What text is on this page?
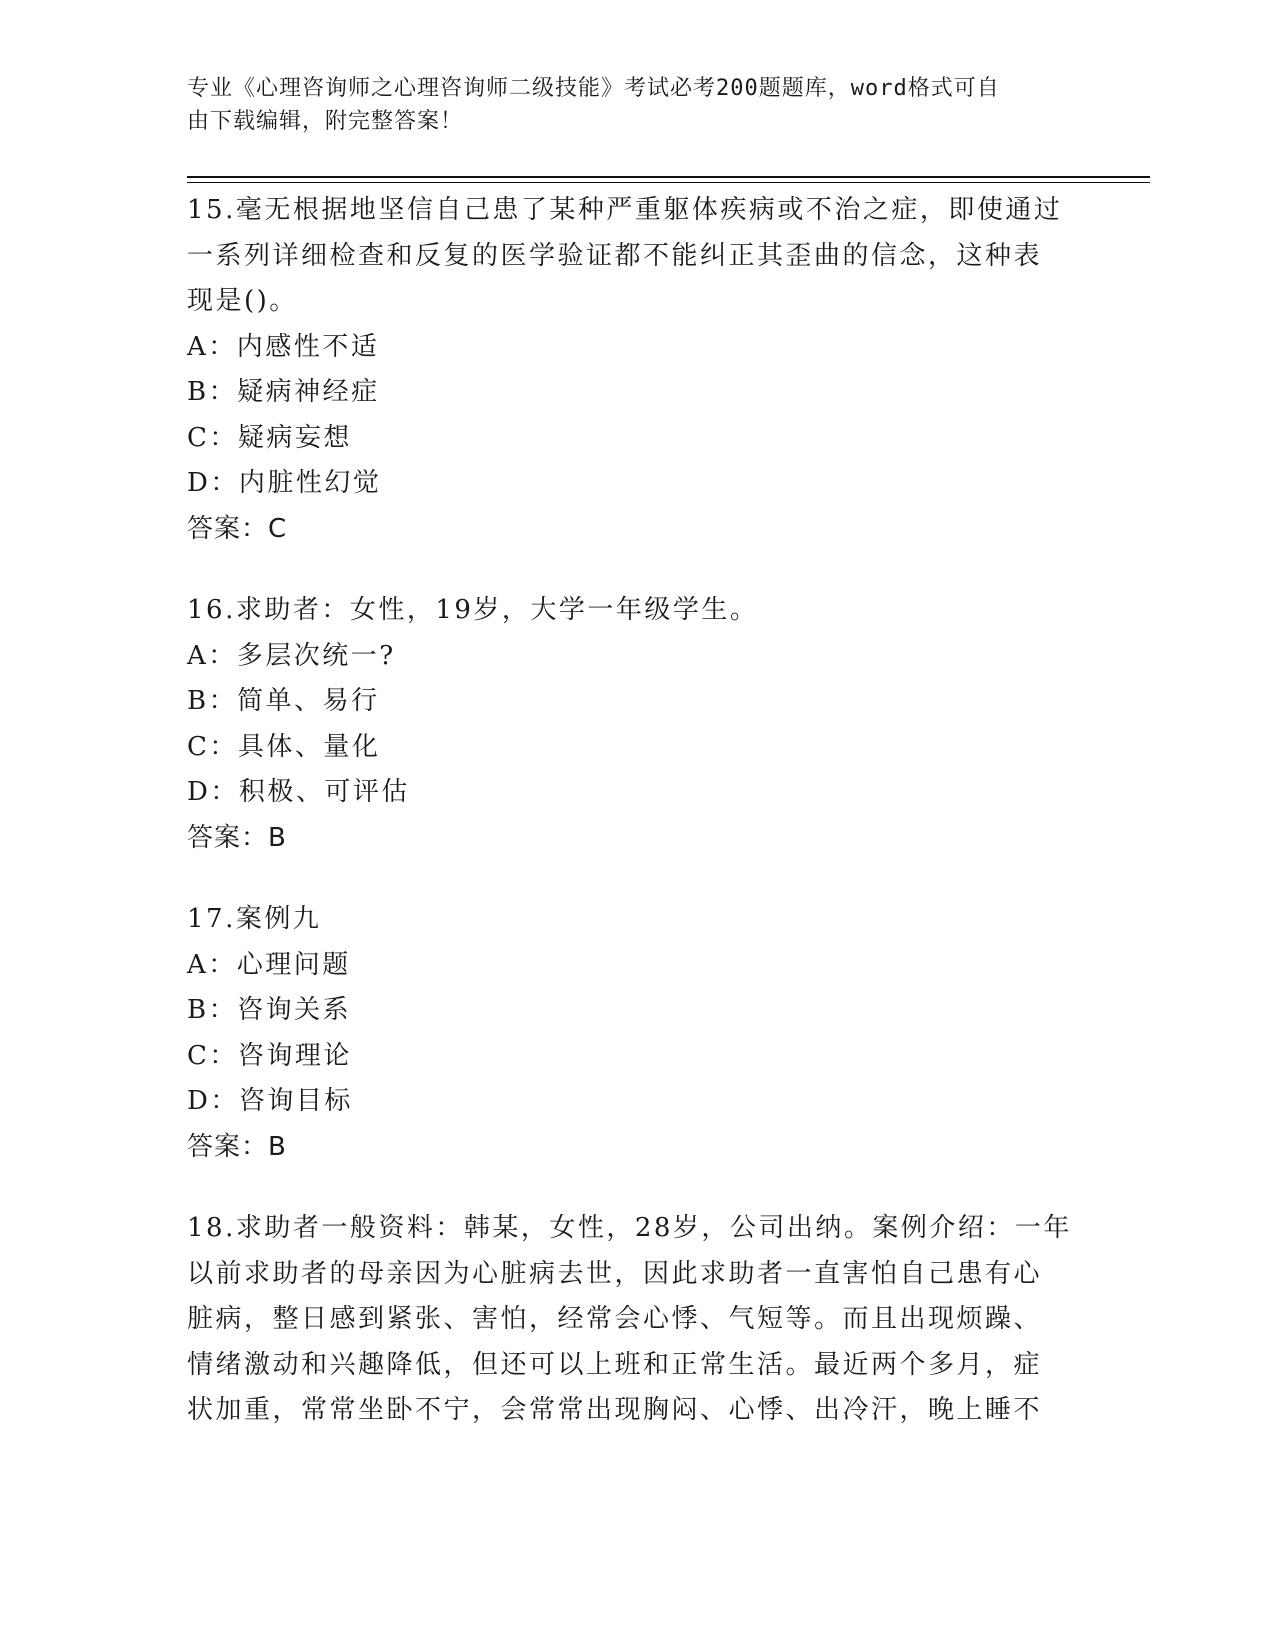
专业《心理咨询师之心理咨询师二级技能》考试必考200题题库，word格式可自
由下载编辑，附完整答案！
15.毫无根据地坚信自己患了某种严重躯体疾病或不治之症，即使通过
一系列详细检查和反复的医学验证都不能纠正其歪曲的信念，这种表
现是()。
A：内感性不适
B：疑病神经症
C：疑病妄想
D：内脏性幻觉
答案：C
16.求助者：女性，19岁，大学一年级学生。
A：多层次统一?
B：简单、易行
C：具体、量化
D：积极、可评估
答案：B
17.案例九
A：心理问题
B：咨询关系
C：咨询理论
D：咨询目标
答案：B
18.求助者一般资料：韩某，女性，28岁，公司出纳。案例介绍：一年
以前求助者的母亲因为心脏病去世，因此求助者一直害怕自己患有心
脏病，整日感到紧张、害怕，经常会心悸、气短等。而且出现烦躁、
情绪激动和兴趣降低，但还可以上班和正常生活。最近两个多月，症
状加重，常常坐卧不宁，会常常出现胸闷、心悸、出冷汗，晚上睡不
